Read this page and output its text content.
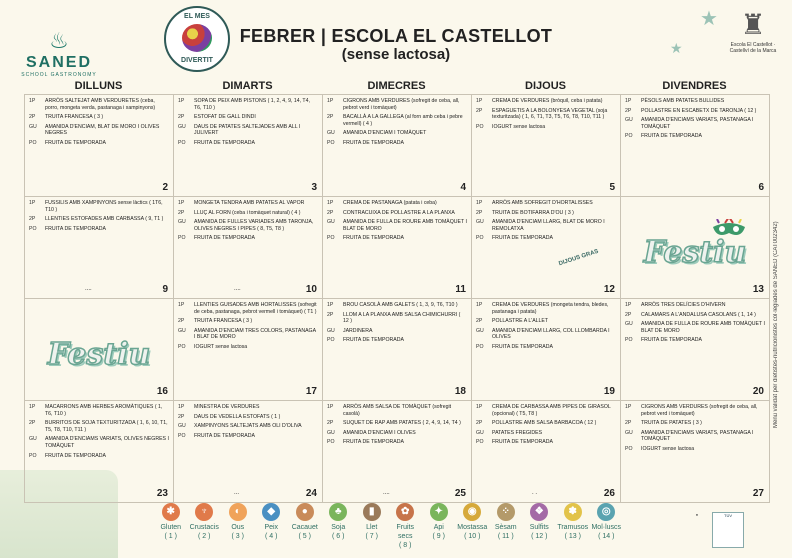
★
★
♨
SANED
SCHOOL GASTRONOMY
EL MES
DIVERTIT
FEBRER | ESCOLA EL CASTELLOT
(sense lactosa)
♜
Escola El Castellot · Castellví de la Marca
DILLUNS	DIMARTS	DIMECRES	DIJOUS	DIVENDRES
1P	ARRÒS SALTEJAT AMB VERDURETES (ceba, porro, mongeta verda, pastanaga i xampinyons)
2P	TRUITA FRANCESA ( 3 )
GU	AMANIDA D'ENCIAM, BLAT DE MORO I OLIVES NEGRES
PO	FRUITA DE TEMPORADA
2
1P	SOPA DE PEIX AMB PISTONS ( 1, 2, 4, 9, 14, T4, T6, T10 )
2P	ESTOFAT DE GALL DINDI
GU	DAUS DE PATATES SALTEJADES AMB ALL I JULIVERT
PO	FRUITA DE TEMPORADA
3
1P	CIGRONS AMB VERDURES (sofregit de ceba, all, pebrot verd i tomàquet)
2P	BACALLÀ A LA GALLEGA (al forn amb ceba i pebre vermell) ( 4 )
GU	AMANIDA D'ENCIAM I TOMÀQUET
PO	FRUITA DE TEMPORADA
4
1P	CREMA DE VERDURES (bròquil, ceba i patata)
2P	ESPAGUETIS A LA BOLONYESA VEGETAL (soja texturitzada) ( 1, 6, T1, T3, T5, T6, T8, T10, T11 )
PO	IOGURT sense lactosa
5
1P	PÈSOLS AMB PATATES BULLIDES
2P	POLLASTRE EN ESCABETX DE TARONJA ( 12 )
GU	AMANIDA D'ENCIAMS VARIATS, PASTANAGA I TOMÀQUET
PO	FRUITA DE TEMPORADA
6
1P	FUSSILIS AMB XAMPINYONS sense làctics ( 1T6, T10 )
2P	LLENTIES ESTOFADES AMB CARBASSA ( 9, T1 )
PO	FRUITA DE TEMPORADA
....	9
1P	MONGETA TENDRA AMB PATATES AL VAPOR
2P	LLUÇ AL FORN (ceba i tomàquet natural) ( 4 )
GU	AMANIDA DE FULLES VARIADES AMB TARONJA, OLIVES NEGRES I PIPES ( 8, T5, T8 )
PO	FRUITA DE TEMPORADA
....	10
1P	CREMA DE PASTANAGA (patata i ceba)
2P	CONTRACUIXA DE POLLASTRE A LA PLANXA
GU	AMANIDA DE FULLA DE ROURE AMB TOMÀQUET I BLAT DE MORO
PO	FRUITA DE TEMPORADA
11
1P	ARRÒS AMB SOFREGIT D'HORTALISSES
2P	TRUITA DE BOTIFARRA D'OU ( 3 )
GU	AMANIDA D'ENCIAM LLARG, BLAT DE MORO I REMOLATXA
PO	FRUITA DE TEMPORADA
DIJOUS GRAS
12
Festiu
13
Festiu
16
1P	LLENTIES GUISADES AMB HORTALISSES (sofregit de ceba, pastanaga, pebrot vermell i tomàquet) ( T1 )
2P	TRUITA FRANCESA ( 3 )
GU	AMANIDA D'ENCIAM TRES COLORS, PASTANAGA I BLAT DE MORO
PO	IOGURT sense lactosa
17
1P	BROU CASOLÀ AMB GALETS ( 1, 3, 9, T6, T10 )
2P	LLOM A LA PLANXA AMB SALSA CHIMICHURRI ( 12 )
GU	JARDINERA
PO	FRUITA DE TEMPORADA
18
1P	CREMA DE VERDURES (mongeta tendra, bledes, pastanaga i patata)
2P	POLLASTRE A L'ALLET
GU	AMANIDA D'ENCIAM LLARG, COL LLOMBARDA I OLIVES
PO	FRUITA DE TEMPORADA
19
1P	ARRÒS TRES DELÍCIES D'HIVERN
2P	CALAMARS A L'ANDALUSA CASOLANS ( 1, 14 )
GU	AMANIDA DE FULLA DE ROURE AMB TOMÀQUET I BLAT DE MORO
PO	FRUITA DE TEMPORADA
20
1P	MACARRONS AMB HERBES AROMÀTIQUES ( 1, T6, T10 )
2P	BURRITOS DE SOJA TEXTURITZADA ( 1, 6, 10, T1, T5, T8, T10, T11 )
GU	AMANIDA D'ENCIAMS VARIATS, OLIVES NEGRES I TOMÀQUET
PO	FRUITA DE TEMPORADA
23
1P	MINESTRA DE VERDURES
2P	DAUS DE VEDELLA ESTOFATS ( 1 )
GU	XAMPINYONS SALTEJATS AMB OLI D'OLIVA
PO	FRUITA DE TEMPORADA
...	24
1P	ARRÒS AMB SALSA DE TOMÀQUET (sofregit casolà)
2P	SUQUET DE RAP AMB PATATES ( 2, 4, 9, 14, T4 )
GU	AMANIDA D'ENCIAM I OLIVES
PO	FRUITA DE TEMPORADA
....	25
1P	CREMA DE CARBASSA AMB PIPES DE GIRASOL (opcional) ( T5, T8 )
2P	POLLASTRE AMB SALSA BARBACOA ( 12 )
GU	PATATES FREGIDES
PO	FRUITA DE TEMPORADA
. .	26
1P	CIGRONS AMB VERDURES (sofregit de ceba, all, pebrot verd i tomàquet)
2P	TRUITA DE PATATES ( 3 )
GU	AMANIDA D'ENCIAMS VARIATS, PASTANAGA I TOMÀQUET
PO	IOGURT sense lactosa
27
✱
Gluten
( 1 )
♆
Crustacis
( 2 )
◐
Ous
( 3 )
◆
Peix
( 4 )
●
Cacauet
( 5 )
♣
Soja
( 6 )
▮
Llet
( 7 )
✿
Fruits secs
( 8 )
✦
Api
( 9 )
◉
Mostassa
( 10 )
⁘
Sèsam
( 11 )
❖
Sulfits
( 12 )
✽
Tramusos
( 13 )
◎
Mol·luscs
( 14 )
Menú validat per dietistes-nutricionistes col·legiades de SANED (CAT002342)
●	TÜV
